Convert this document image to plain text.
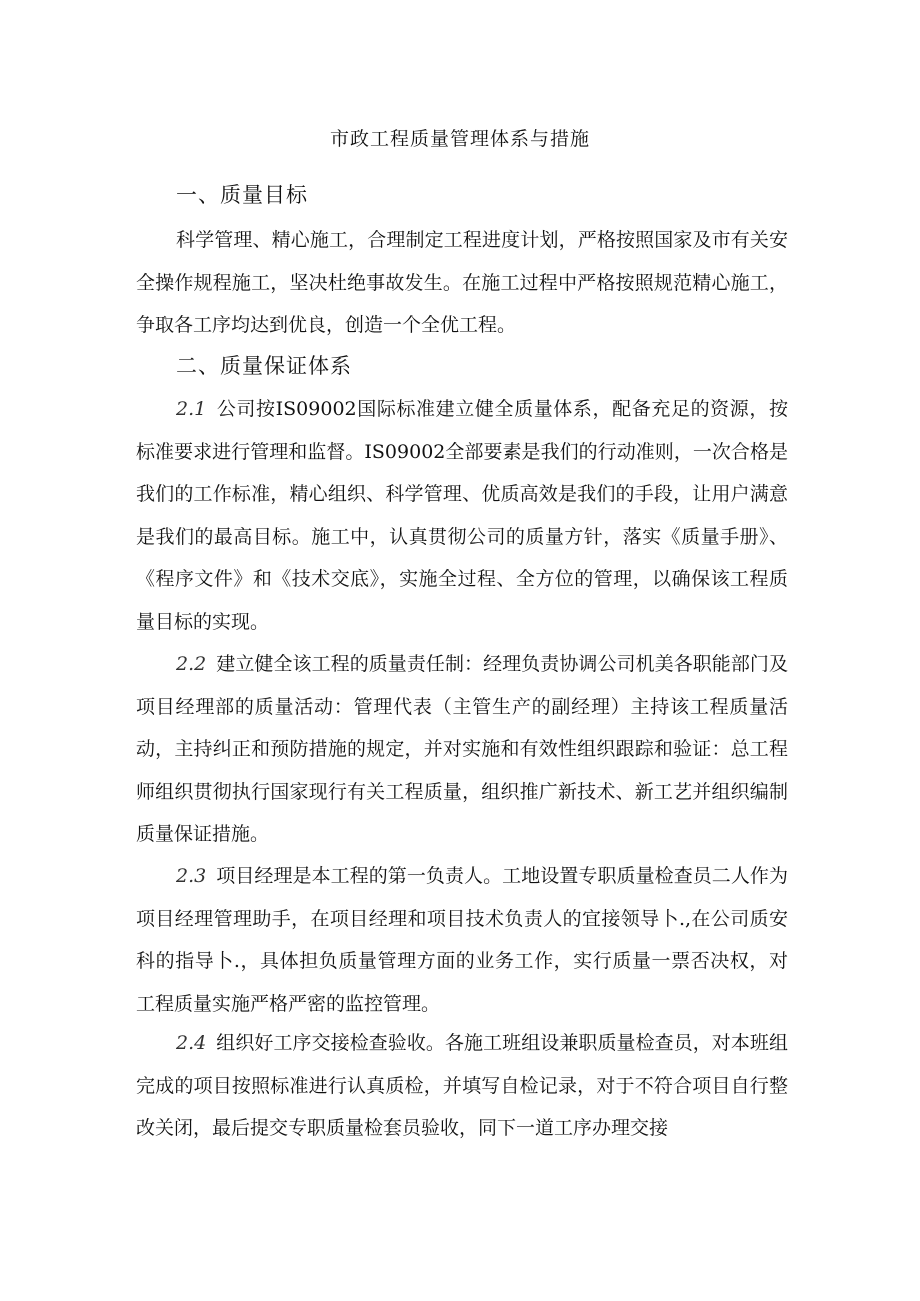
市政工程质量管理体系与措施
一、质量目标

科学管理、精心施工，合理制定工程进度计划，严格按照国家及市有关安全操作规程施工，坚决杜绝事故发生。在施工过程中严格按照规范精心施工，争取各工序均达到优良，创造一个全优工程。

二、质量保证体系

2.1 公司按IS09002国际标准建立健全质量体系，配备充足的资源，按标准要求进行管理和监督。IS09002全部要素是我们的行动准则，一次合格是我们的工作标准，精心组织、科学管理、优质高效是我们的手段，让用户满意是我们的最高目标。施工中，认真贯彻公司的质量方针，落实《质量手册》、《程序文件》和《技术交底》，实施全过程、全方位的管理，以确保该工程质量目标的实现。

2.2 建立健全该工程的质量责任制：经理负责协调公司机美各职能部门及项目经理部的质量活动：管理代表（主管生产的副经理）主持该工程质量活动，主持纠正和预防措施的规定，并对实施和有效性组织跟踪和验证：总工程师组织贯彻执行国家现行有关工程质量，组织推广新技术、新工艺并组织编制质量保证措施。

2.3 项目经理是本工程的第一负责人。工地设置专职质量检查员二人作为项目经理管理助手，在项目经理和项目技术负责人的宜接领导卜.,在公司质安科的指导卜.，具体担负质量管理方面的业务工作，实行质量一票否决权，对工程质量实施严格严密的监控管理。

2.4 组织好工序交接检查验收。各施工班组设兼职质量检查员，对本班组完成的项目按照标准进行认真质检，并填写自检记录，对于不符合项目自行整改关闭，最后提交专职质量检套员验收，同下一道工序办理交接
